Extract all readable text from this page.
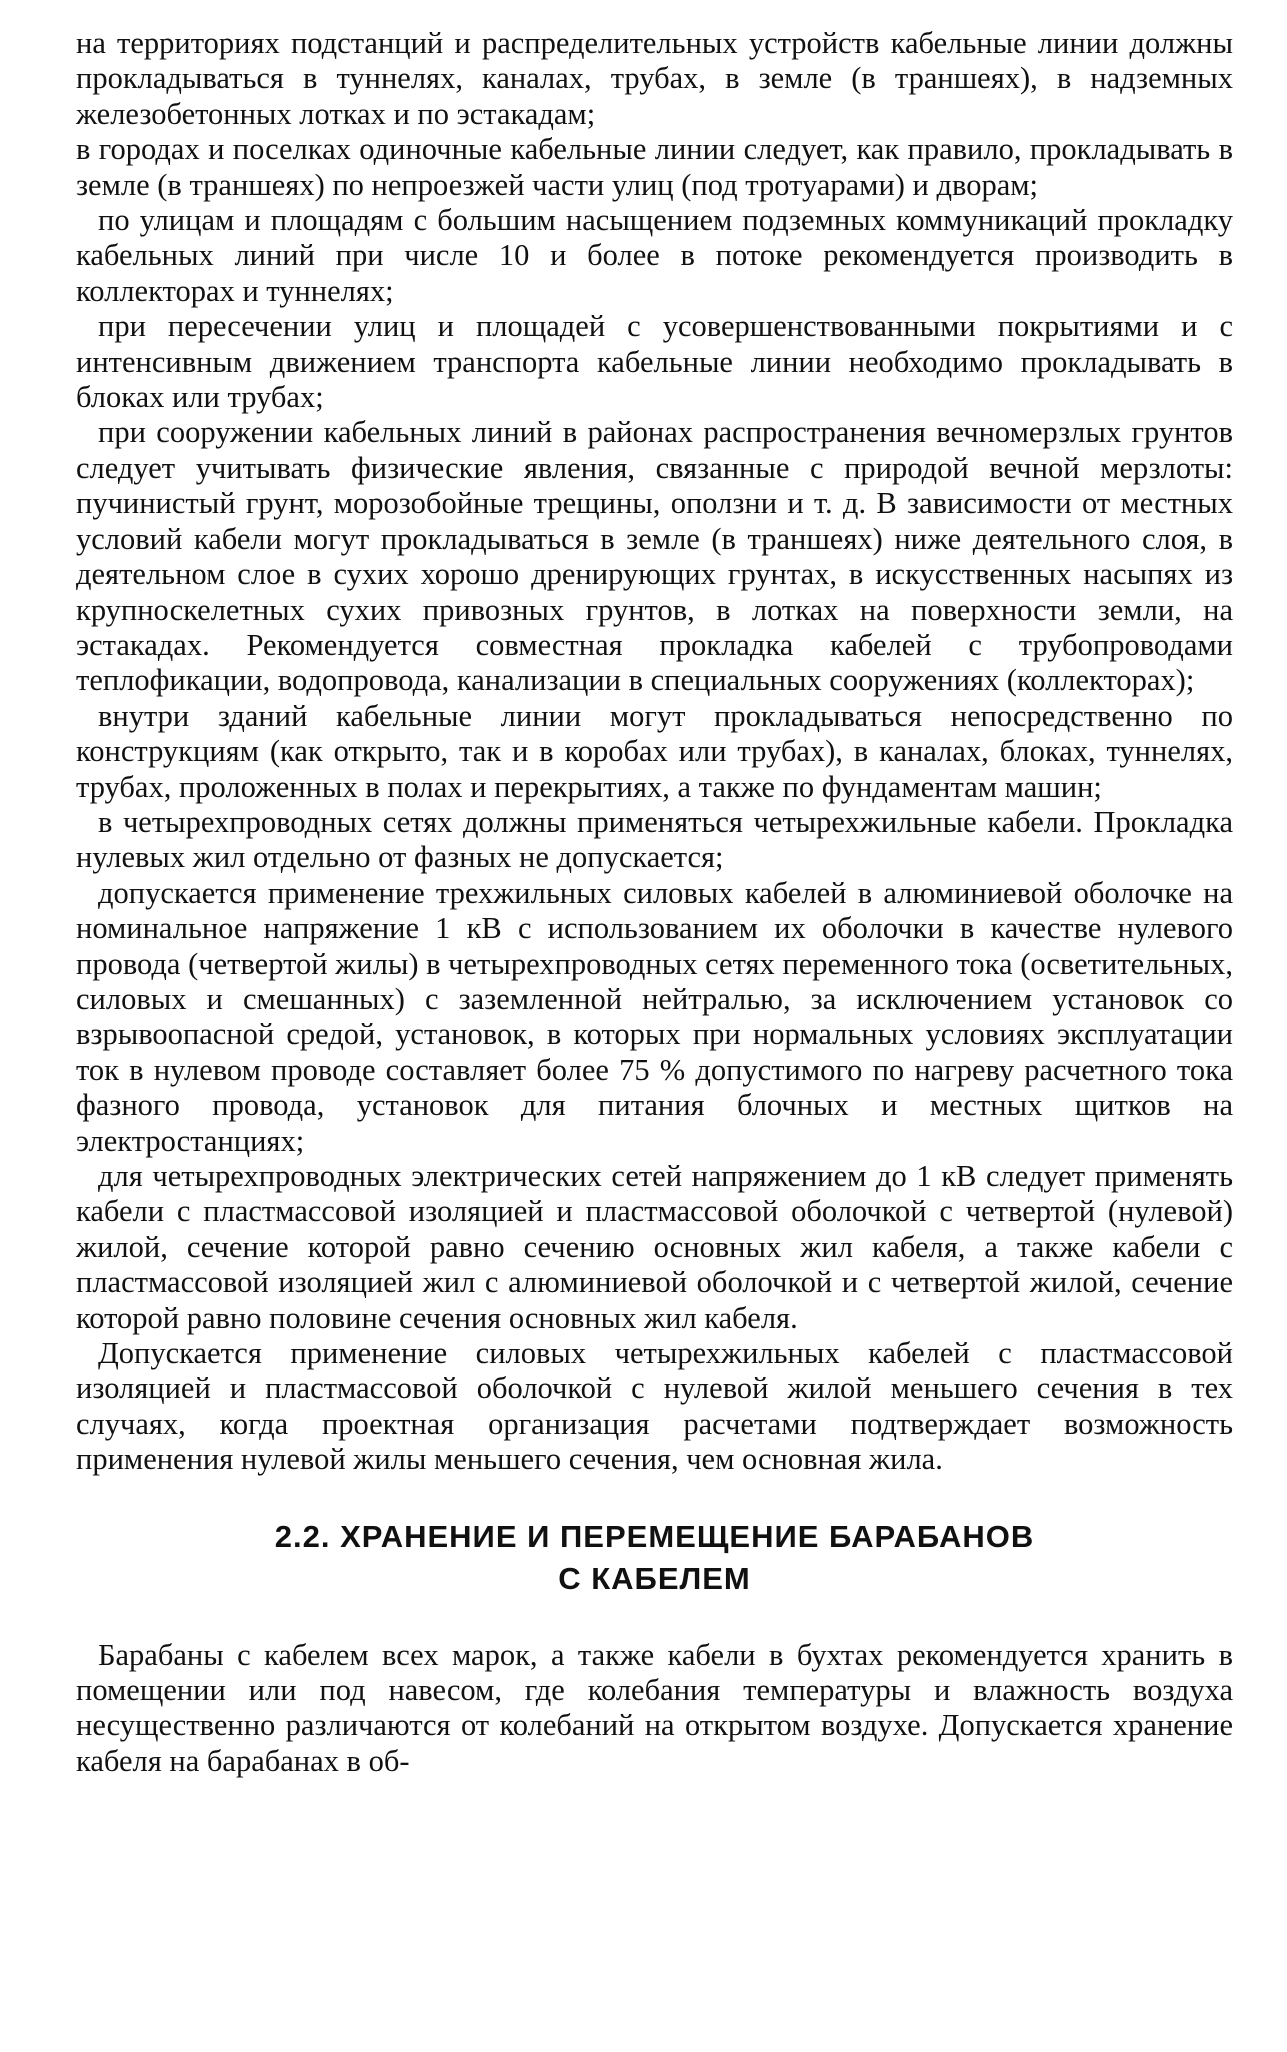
на территориях подстанций и распределительных устройств кабельные линии должны прокладываться в туннелях, каналах, трубах, в земле (в траншеях), в надземных железобетонных лотках и по эстакадам;

в городах и поселках одиночные кабельные линии следует, как правило, прокладывать в земле (в траншеях) по непроезжей части улиц (под тротуарами) и дворам;

по улицам и площадям с большим насыщением подземных коммуникаций прокладку кабельных линий при числе 10 и более в потоке рекомендуется производить в коллекторах и туннелях;

при пересечении улиц и площадей с усовершенствованными покрытиями и с интенсивным движением транспорта кабельные линии необходимо прокладывать в блоках или трубах;

при сооружении кабельных линий в районах распространения вечномерзлых грунтов следует учитывать физические явления, связанные с природой вечной мерзлоты: пучинистый грунт, морозобойные трещины, оползни и т. д. В зависимости от местных условий кабели могут прокладываться в земле (в траншеях) ниже деятельного слоя, в деятельном слое в сухих хорошо дренирующих грунтах, в искусственных насыпях из крупноскелетных сухих привозных грунтов, в лотках на поверхности земли, на эстакадах. Рекомендуется совместная прокладка кабелей с трубопроводами теплофикации, водопровода, канализации в специальных сооружениях (коллекторах);

внутри зданий кабельные линии могут прокладываться непосредственно по конструкциям (как открыто, так и в коробах или трубах), в каналах, блоках, туннелях, трубах, проложенных в полах и перекрытиях, а также по фундаментам машин;

в четырехпроводных сетях должны применяться четырехжильные кабели. Прокладка нулевых жил отдельно от фазных не допускается;

допускается применение трехжильных силовых кабелей в алюминиевой оболочке на номинальное напряжение 1 кВ с использованием их оболочки в качестве нулевого провода (четвертой жилы) в четырехпроводных сетях переменного тока (осветительных, силовых и смешанных) с заземленной нейтралью, за исключением установок со взрывоопасной средой, установок, в которых при нормальных условиях эксплуатации ток в нулевом проводе составляет более 75 % допустимого по нагреву расчетного тока фазного провода, установок для питания блочных и местных щитков на электростанциях;

для четырехпроводных электрических сетей напряжением до 1 кВ следует применять кабели с пластмассовой изоляцией и пластмассовой оболочкой с четвертой (нулевой) жилой, сечение которой равно сечению основных жил кабеля, а также кабели с пластмассовой изоляцией жил с алюминиевой оболочкой и с четвертой жилой, сечение которой равно половине сечения основных жил кабеля.

Допускается применение силовых четырехжильных кабелей с пластмассовой изоляцией и пластмассовой оболочкой с нулевой жилой меньшего сечения в тех случаях, когда проектная организация расчетами подтверждает возможность применения нулевой жилы меньшего сечения, чем основная жила.

2.2. ХРАНЕНИЕ И ПЕРЕМЕЩЕНИЕ БАРАБАНОВ
С КАБЕЛЕМ

Барабаны с кабелем всех марок, а также кабели в бухтах рекомендуется хранить в помещении или под навесом, где колебания температуры и влажность воздуха несущественно различаются от колебаний на открытом воздухе. Допускается хранение кабеля на барабанах в об-
